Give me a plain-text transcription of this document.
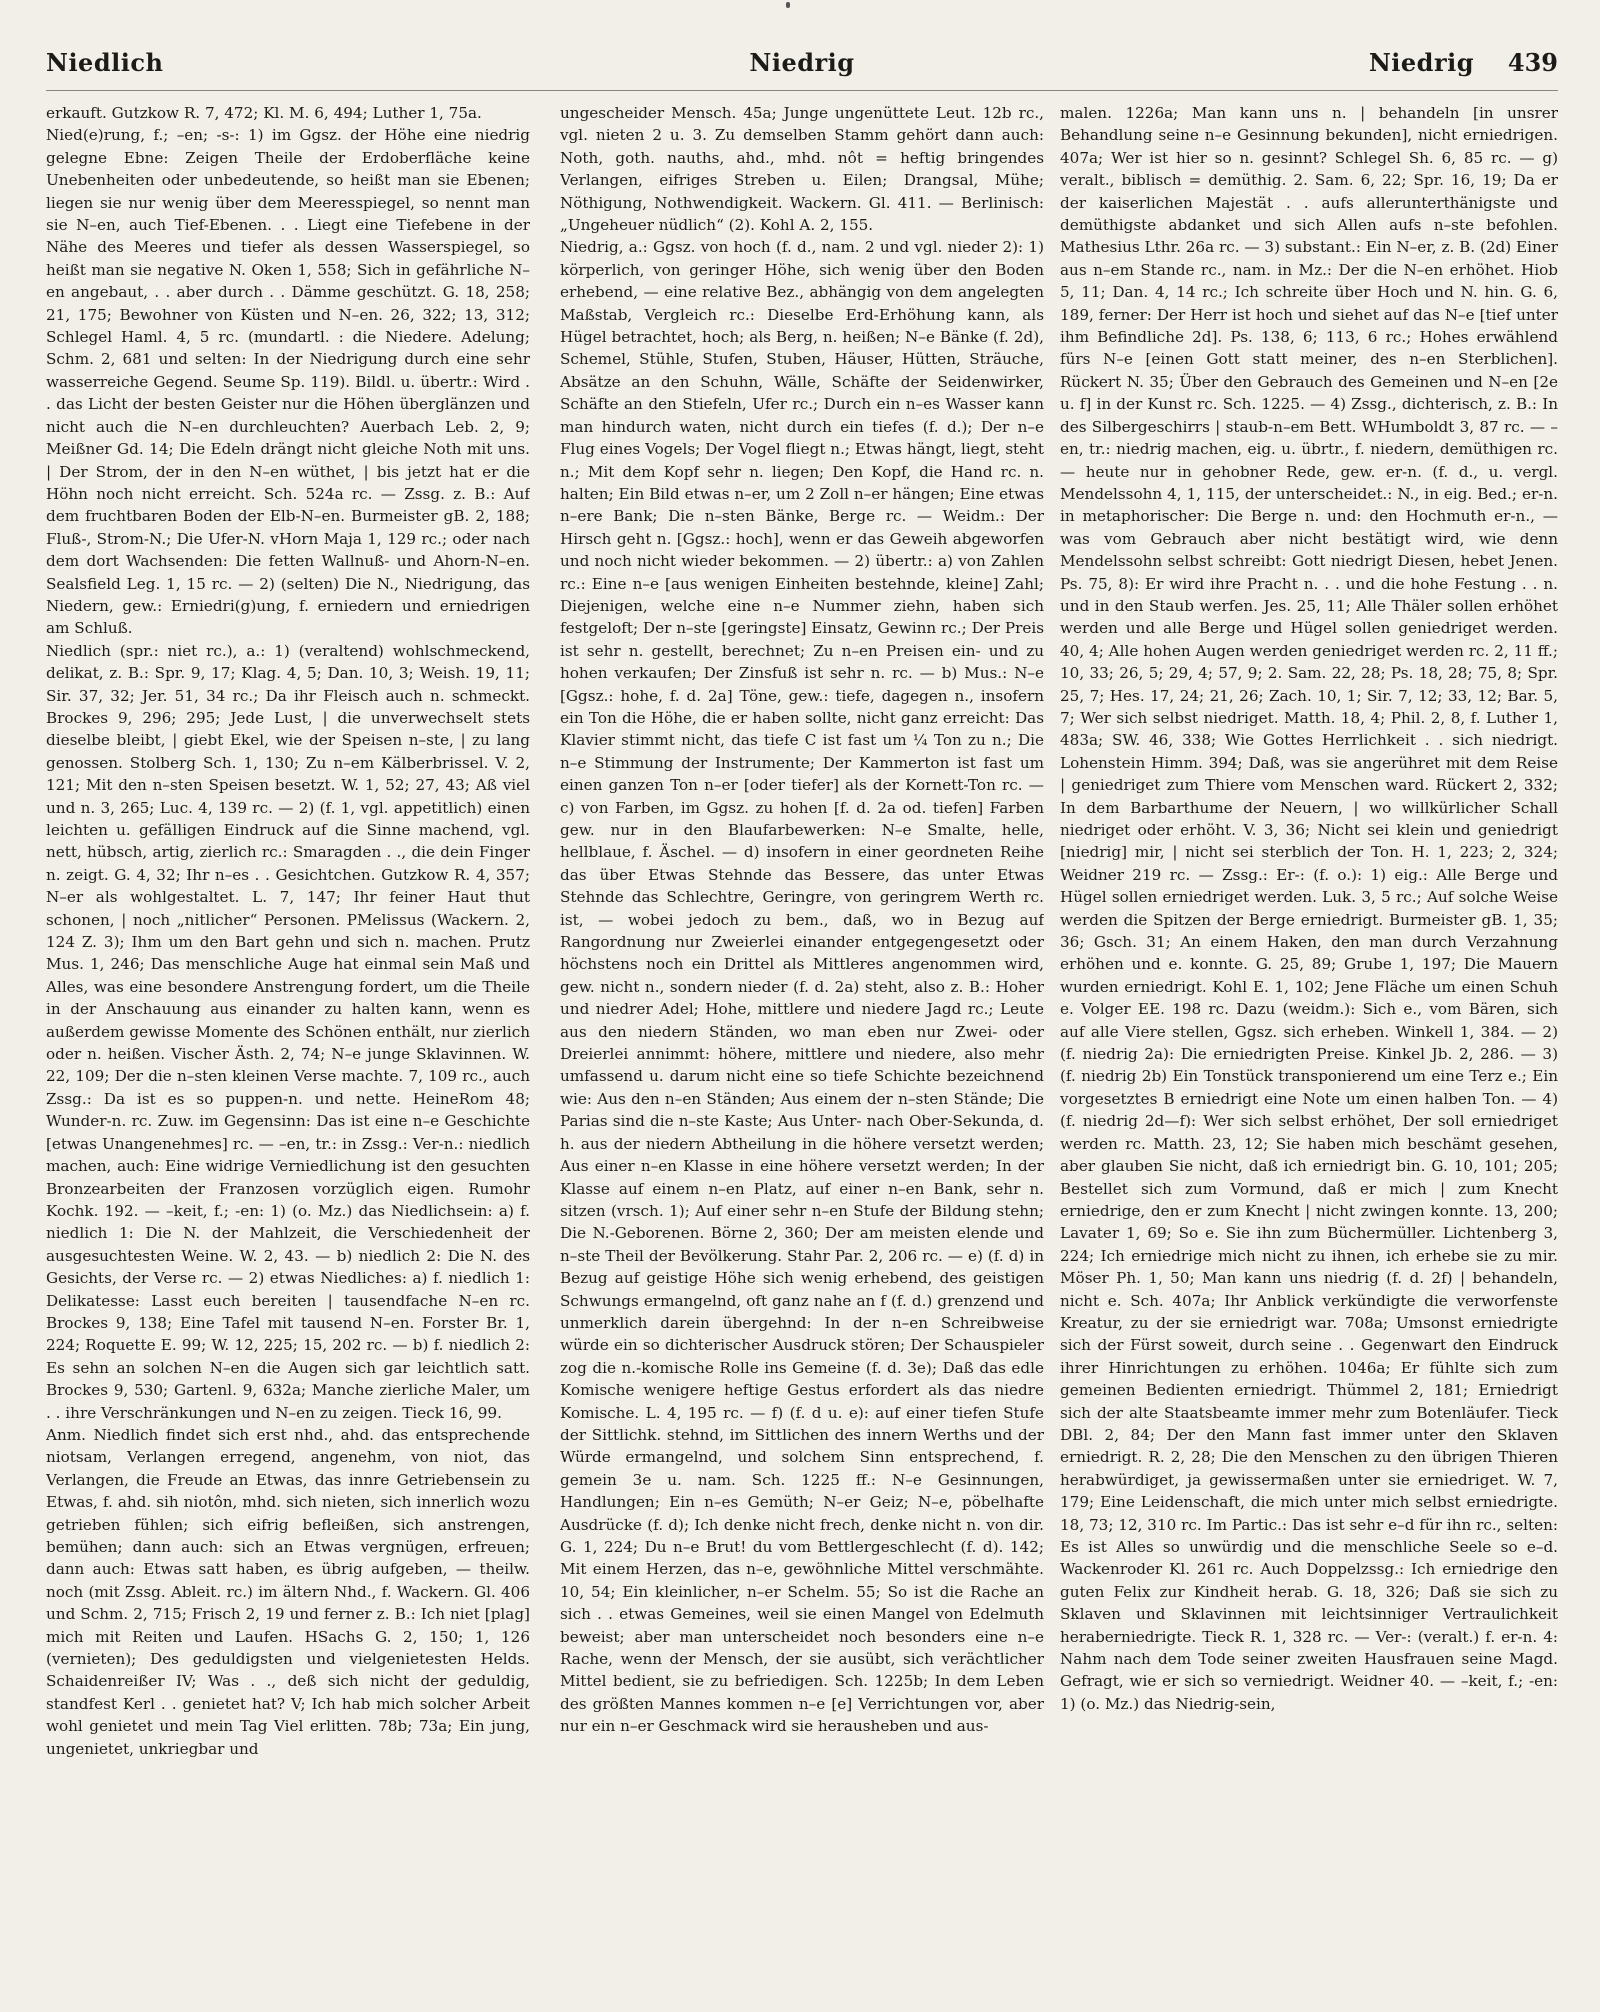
Niedlich	Niedrig	Niedrig 439

erkauft. Gutzkow R. 7, 472; Kl. M. 6, 494; Luther 1, 75a.

Nied(e)rung, f.; –en; -s-: 1) im Ggsz. der Höhe eine niedrig gelegne Ebne: Zeigen Theile der Erdoberfläche keine Unebenheiten oder unbedeutende, so heißt man sie Ebenen; liegen sie nur wenig über dem Meeresspiegel, so nennt man sie N–en, auch Tief-Ebenen. . . Liegt eine Tiefebene in der Nähe des Meeres und tiefer als dessen Wasserspiegel, so heißt man sie negative N. Oken 1, 558; Sich in gefährliche N–en angebaut, . . aber durch . . Dämme geschützt. G. 18, 258; 21, 175; Bewohner von Küsten und N–en. 26, 322; 13, 312; Schlegel Haml. 4, 5 rc. (mundartl. : die Niedere. Adelung; Schm. 2, 681 und selten: In der Niedrigung durch eine sehr wasserreiche Gegend. Seume Sp. 119). Bildl. u. übertr.: Wird . . das Licht der besten Geister nur die Höhen überglänzen und nicht auch die N–en durchleuchten? Auerbach Leb. 2, 9; Meißner Gd. 14; Die Edeln drängt nicht gleiche Noth mit uns. | Der Strom, der in den N–en wüthet, | bis jetzt hat er die Höhn noch nicht erreicht. Sch. 524a rc. — Zssg. z. B.: Auf dem fruchtbaren Boden der Elb-N–en. Burmeister gB. 2, 188; Fluß-, Strom-N.; Die Ufer-N. vHorn Maja 1, 129 rc.; oder nach dem dort Wachsenden: Die fetten Wallnuß- und Ahorn-N–en. Sealsfield Leg. 1, 15 rc. — 2) (selten) Die N., Niedrigung, das Niedern, gew.: Erniedri(g)ung, f. erniedern und erniedrigen am Schluß.

Niedlich (spr.: niet rc.), a.: 1) (veraltend) wohlschmeckend, delikat, z. B.: Spr. 9, 17; Klag. 4, 5; Dan. 10, 3; Weish. 19, 11; Sir. 37, 32; Jer. 51, 34 rc.; Da ihr Fleisch auch n. schmeckt. Brockes 9, 296; 295; Jede Lust, | die unverwechselt stets dieselbe bleibt, | giebt Ekel, wie der Speisen n–ste, | zu lang genossen. Stolberg Sch. 1, 130; Zu n–em Kälberbrissel. V. 2, 121; Mit den n–sten Speisen besetzt. W. 1, 52; 27, 43; Aß viel und n. 3, 265; Luc. 4, 139 rc. — 2) (f. 1, vgl. appetitlich) einen leichten u. gefälligen Eindruck auf die Sinne machend, vgl. nett, hübsch, artig, zierlich rc.: Smaragden . ., die dein Finger n. zeigt. G. 4, 32; Ihr n–es . . Gesichtchen. Gutzkow R. 4, 357; N–er als wohlgestaltet. L. 7, 147; Ihr feiner Haut thut schonen, | noch „nitlicher“ Personen. PMelissus (Wackern. 2, 124 Z. 3); Ihm um den Bart gehn und sich n. machen. Prutz Mus. 1, 246; Das menschliche Auge hat einmal sein Maß und Alles, was eine besondere Anstrengung fordert, um die Theile in der Anschauung aus einander zu halten kann, wenn es außerdem gewisse Momente des Schönen enthält, nur zierlich oder n. heißen. Vischer Ästh. 2, 74; N–e junge Sklavinnen. W. 22, 109; Der die n–sten kleinen Verse machte. 7, 109 rc., auch Zssg.: Da ist es so puppen-n. und nette. HeineRom 48; Wunder-n. rc. Zuw. im Gegensinn: Das ist eine n–e Geschichte [etwas Unangenehmes] rc. — –en, tr.: in Zssg.: Ver-n.: niedlich machen, auch: Eine widrige Verniedlichung ist den gesuchten Bronzearbeiten der Franzosen vorzüglich eigen. Rumohr Kochk. 192. — –keit, f.; -en: 1) (o. Mz.) das Niedlichsein: a) f. niedlich 1: Die N. der Mahlzeit, die Verschiedenheit der ausgesuchtesten Weine. W. 2, 43. — b) niedlich 2: Die N. des Gesichts, der Verse rc. — 2) etwas Niedliches: a) f. niedlich 1: Delikatesse: Lasst euch bereiten | tausendfache N–en rc. Brockes 9, 138; Eine Tafel mit tausend N–en. Forster Br. 1, 224; Roquette E. 99; W. 12, 225; 15, 202 rc. — b) f. niedlich 2: Es sehn an solchen N–en die Augen sich gar leichtlich satt. Brockes 9, 530; Gartenl. 9, 632a; Manche zierliche Maler, um . . ihre Verschränkungen und N–en zu zeigen. Tieck 16, 99.

Anm. Niedlich findet sich erst nhd., ahd. das entsprechende niotsam, Verlangen erregend, angenehm, von niot, das Verlangen, die Freude an Etwas, das innre Getriebensein zu Etwas, f. ahd. sih niotôn, mhd. sich nieten, sich innerlich wozu getrieben fühlen; sich eifrig befleißen, sich anstrengen, bemühen; dann auch: sich an Etwas vergnügen, erfreuen; dann auch: Etwas satt haben, es übrig aufgeben, — theilw. noch (mit Zssg. Ableit. rc.) im ältern Nhd., f. Wackern. Gl. 406 und Schm. 2, 715; Frisch 2, 19 und ferner z. B.: Ich niet [plag] mich mit Reiten und Laufen. HSachs G. 2, 150; 1, 126 (vernieten); Des geduldigsten und vielgenietesten Helds. Schaidenreißer IV; Was . ., deß sich nicht der geduldig, standfest Kerl . . genietet hat? V; Ich hab mich solcher Arbeit wohl genietet und mein Tag Viel erlitten. 78b; 73a; Ein jung, ungenietet, unkriegbar und

ungescheider Mensch. 45a; Junge ungenüttete Leut. 12b rc., vgl. nieten 2 u. 3. Zu demselben Stamm gehört dann auch: Noth, goth. nauths, ahd., mhd. nôt = heftig bringendes Verlangen, eifriges Streben u. Eilen; Drangsal, Mühe; Nöthigung, Nothwendigkeit. Wackern. Gl. 411. — Berlinisch: „Ungeheuer nüdlich“ (2). Kohl A. 2, 155.

Niedrig, a.: Ggsz. von hoch (f. d., nam. 2 und vgl. nieder 2): 1) körperlich, von geringer Höhe, sich wenig über den Boden erhebend, — eine relative Bez., abhängig von dem angelegten Maßstab, Vergleich rc.: Dieselbe Erd-Erhöhung kann, als Hügel betrachtet, hoch; als Berg, n. heißen; N–e Bänke (f. 2d), Schemel, Stühle, Stufen, Stuben, Häuser, Hütten, Sträuche, Absätze an den Schuhn, Wälle, Schäfte der Seidenwirker, Schäfte an den Stiefeln, Ufer rc.; Durch ein n–es Wasser kann man hindurch waten, nicht durch ein tiefes (f. d.); Der n–e Flug eines Vogels; Der Vogel fliegt n.; Etwas hängt, liegt, steht n.; Mit dem Kopf sehr n. liegen; Den Kopf, die Hand rc. n. halten; Ein Bild etwas n–er, um 2 Zoll n–er hängen; Eine etwas n–ere Bank; Die n–sten Bänke, Berge rc. — Weidm.: Der Hirsch geht n. [Ggsz.: hoch], wenn er das Geweih abgeworfen und noch nicht wieder bekommen. — 2) übertr.: a) von Zahlen rc.: Eine n–e [aus wenigen Einheiten bestehnde, kleine] Zahl; Diejenigen, welche eine n–e Nummer ziehn, haben sich festgeloft; Der n–ste [geringste] Einsatz, Gewinn rc.; Der Preis ist sehr n. gestellt, berechnet; Zu n–en Preisen ein- und zu hohen verkaufen; Der Zinsfuß ist sehr n. rc. — b) Mus.: N–e [Ggsz.: hohe, f. d. 2a] Töne, gew.: tiefe, dagegen n., insofern ein Ton die Höhe, die er haben sollte, nicht ganz erreicht: Das Klavier stimmt nicht, das tiefe C ist fast um ¼ Ton zu n.; Die n–e Stimmung der Instrumente; Der Kammerton ist fast um einen ganzen Ton n–er [oder tiefer] als der Kornett-Ton rc. — c) von Farben, im Ggsz. zu hohen [f. d. 2a od. tiefen] Farben gew. nur in den Blaufarbewerken: N–e Smalte, helle, hellblaue, f. Äschel. — d) insofern in einer geordneten Reihe das über Etwas Stehnde das Bessere, das unter Etwas Stehnde das Schlechtre, Geringre, von geringrem Werth rc. ist, — wobei jedoch zu bem., daß, wo in Bezug auf Rangordnung nur Zweierlei einander entgegengesetzt oder höchstens noch ein Drittel als Mittleres angenommen wird, gew. nicht n., sondern nieder (f. d. 2a) steht, also z. B.: Hoher und niedrer Adel; Hohe, mittlere und niedere Jagd rc.; Leute aus den niedern Ständen, wo man eben nur Zwei- oder Dreierlei annimmt: höhere, mittlere und niedere, also mehr umfassend u. darum nicht eine so tiefe Schichte bezeichnend wie: Aus den n–en Ständen; Aus einem der n–sten Stände; Die Parias sind die n–ste Kaste; Aus Unter- nach Ober-Sekunda, d. h. aus der niedern Abtheilung in die höhere versetzt werden; Aus einer n–en Klasse in eine höhere versetzt werden; In der Klasse auf einem n–en Platz, auf einer n–en Bank, sehr n. sitzen (vrsch. 1); Auf einer sehr n–en Stufe der Bildung stehn; Die N.-Geborenen. Börne 2, 360; Der am meisten elende und n–ste Theil der Bevölkerung. Stahr Par. 2, 206 rc. — e) (f. d) in Bezug auf geistige Höhe sich wenig erhebend, des geistigen Schwungs ermangelnd, oft ganz nahe an f (f. d.) grenzend und unmerklich darein übergehnd: In der n–en Schreibweise würde ein so dichterischer Ausdruck stören; Der Schauspieler zog die n.-komische Rolle ins Gemeine (f. d. 3e); Daß das edle Komische wenigere heftige Gestus erfordert als das niedre Komische. L. 4, 195 rc. — f) (f. d u. e): auf einer tiefen Stufe der Sittlichk. stehnd, im Sittlichen des innern Werths und der Würde ermangelnd, und solchem Sinn entsprechend, f. gemein 3e u. nam. Sch. 1225 ff.: N–e Gesinnungen, Handlungen; Ein n–es Gemüth; N–er Geiz; N–e, pöbelhafte Ausdrücke (f. d); Ich denke nicht frech, denke nicht n. von dir. G. 1, 224; Du n–e Brut! du vom Bettlergeschlecht (f. d). 142; Mit einem Herzen, das n–e, gewöhnliche Mittel verschmähte. 10, 54; Ein kleinlicher, n–er Schelm. 55; So ist die Rache an sich . . etwas Gemeines, weil sie einen Mangel von Edelmuth beweist; aber man unterscheidet noch besonders eine n–e Rache, wenn der Mensch, der sie ausübt, sich verächtlicher Mittel bedient, sie zu befriedigen. Sch. 1225b; In dem Leben des größten Mannes kommen n–e [e] Verrichtungen vor, aber nur ein n–er Geschmack wird sie herausheben und aus-

malen. 1226a; Man kann uns n. | behandeln [in unsrer Behandlung seine n–e Gesinnung bekunden], nicht erniedrigen. 407a; Wer ist hier so n. gesinnt? Schlegel Sh. 6, 85 rc. — g) veralt., biblisch = demüthig. 2. Sam. 6, 22; Spr. 16, 19; Da er der kaiserlichen Majestät . . aufs allerunterthänigste und demüthigste abdanket und sich Allen aufs n–ste befohlen. Mathesius Lthr. 26a rc. — 3) substant.: Ein N–er, z. B. (2d) Einer aus n–em Stande rc., nam. in Mz.: Der die N–en erhöhet. Hiob 5, 11; Dan. 4, 14 rc.; Ich schreite über Hoch und N. hin. G. 6, 189, ferner: Der Herr ist hoch und siehet auf das N–e [tief unter ihm Befindliche 2d]. Ps. 138, 6; 113, 6 rc.; Hohes erwählend fürs N–e [einen Gott statt meiner, des n–en Sterblichen]. Rückert N. 35; Über den Gebrauch des Gemeinen und N–en [2e u. f] in der Kunst rc. Sch. 1225. — 4) Zssg., dichterisch, z. B.: In des Silbergeschirrs | staub-n–em Bett. WHumboldt 3, 87 rc. — –en, tr.: niedrig machen, eig. u. übrtr., f. niedern, demüthigen rc. — heute nur in gehobner Rede, gew. er-n. (f. d., u. vergl. Mendelssohn 4, 1, 115, der unterscheidet.: N., in eig. Bed.; er-n. in metaphorischer: Die Berge n. und: den Hochmuth er-n., — was vom Gebrauch aber nicht bestätigt wird, wie denn Mendelssohn selbst schreibt: Gott niedrigt Diesen, hebet Jenen. Ps. 75, 8): Er wird ihre Pracht n. . . und die hohe Festung . . n. und in den Staub werfen. Jes. 25, 11; Alle Thäler sollen erhöhet werden und alle Berge und Hügel sollen geniedriget werden. 40, 4; Alle hohen Augen werden geniedriget werden rc. 2, 11 ff.; 10, 33; 26, 5; 29, 4; 57, 9; 2. Sam. 22, 28; Ps. 18, 28; 75, 8; Spr. 25, 7; Hes. 17, 24; 21, 26; Zach. 10, 1; Sir. 7, 12; 33, 12; Bar. 5, 7; Wer sich selbst niedriget. Matth. 18, 4; Phil. 2, 8, f. Luther 1, 483a; SW. 46, 338; Wie Gottes Herrlichkeit . . sich niedrigt. Lohenstein Himm. 394; Daß, was sie angerühret mit dem Reise | geniedriget zum Thiere vom Menschen ward. Rückert 2, 332; In dem Barbarthume der Neuern, | wo willkürlicher Schall niedriget oder erhöht. V. 3, 36; Nicht sei klein und geniedrigt [niedrig] mir, | nicht sei sterblich der Ton. H. 1, 223; 2, 324; Weidner 219 rc. — Zssg.: Er-: (f. o.): 1) eig.: Alle Berge und Hügel sollen erniedriget werden. Luk. 3, 5 rc.; Auf solche Weise werden die Spitzen der Berge erniedrigt. Burmeister gB. 1, 35; 36; Gsch. 31; An einem Haken, den man durch Verzahnung erhöhen und e. konnte. G. 25, 89; Grube 1, 197; Die Mauern wurden erniedrigt. Kohl E. 1, 102; Jene Fläche um einen Schuh e. Volger EE. 198 rc. Dazu (weidm.): Sich e., vom Bären, sich auf alle Viere stellen, Ggsz. sich erheben. Winkell 1, 384. — 2) (f. niedrig 2a): Die erniedrigten Preise. Kinkel Jb. 2, 286. — 3) (f. niedrig 2b) Ein Tonstück transponierend um eine Terz e.; Ein vorgesetztes B erniedrigt eine Note um einen halben Ton. — 4) (f. niedrig 2d—f): Wer sich selbst erhöhet, Der soll erniedriget werden rc. Matth. 23, 12; Sie haben mich beschämt gesehen, aber glauben Sie nicht, daß ich erniedrigt bin. G. 10, 101; 205; Bestellet sich zum Vormund, daß er mich | zum Knecht erniedrige, den er zum Knecht | nicht zwingen konnte. 13, 200; Lavater 1, 69; So e. Sie ihn zum Büchermüller. Lichtenberg 3, 224; Ich erniedrige mich nicht zu ihnen, ich erhebe sie zu mir. Möser Ph. 1, 50; Man kann uns niedrig (f. d. 2f) | behandeln, nicht e. Sch. 407a; Ihr Anblick verkündigte die verworfenste Kreatur, zu der sie erniedrigt war. 708a; Umsonst erniedrigte sich der Fürst soweit, durch seine . . Gegenwart den Eindruck ihrer Hinrichtungen zu erhöhen. 1046a; Er fühlte sich zum gemeinen Bedienten erniedrigt. Thümmel 2, 181; Erniedrigt sich der alte Staatsbeamte immer mehr zum Botenläufer. Tieck DBl. 2, 84; Der den Mann fast immer unter den Sklaven erniedrigt. R. 2, 28; Die den Menschen zu den übrigen Thieren herabwürdiget, ja gewissermaßen unter sie erniedriget. W. 7, 179; Eine Leidenschaft, die mich unter mich selbst erniedrigte. 18, 73; 12, 310 rc. Im Partic.: Das ist sehr e–d für ihn rc., selten: Es ist Alles so unwürdig und die menschliche Seele so e–d. Wackenroder Kl. 261 rc. Auch Doppelzssg.: Ich erniedrige den guten Felix zur Kindheit herab. G. 18, 326; Daß sie sich zu Sklaven und Sklavinnen mit leichtsinniger Vertraulichkeit heraberniedrigte. Tieck R. 1, 328 rc. — Ver-: (veralt.) f. er-n. 4: Nahm nach dem Tode seiner zweiten Hausfrauen seine Magd. Gefragt, wie er sich so verniedrigt. Weidner 40. — –keit, f.; -en: 1) (o. Mz.) das Niedrig-sein,
